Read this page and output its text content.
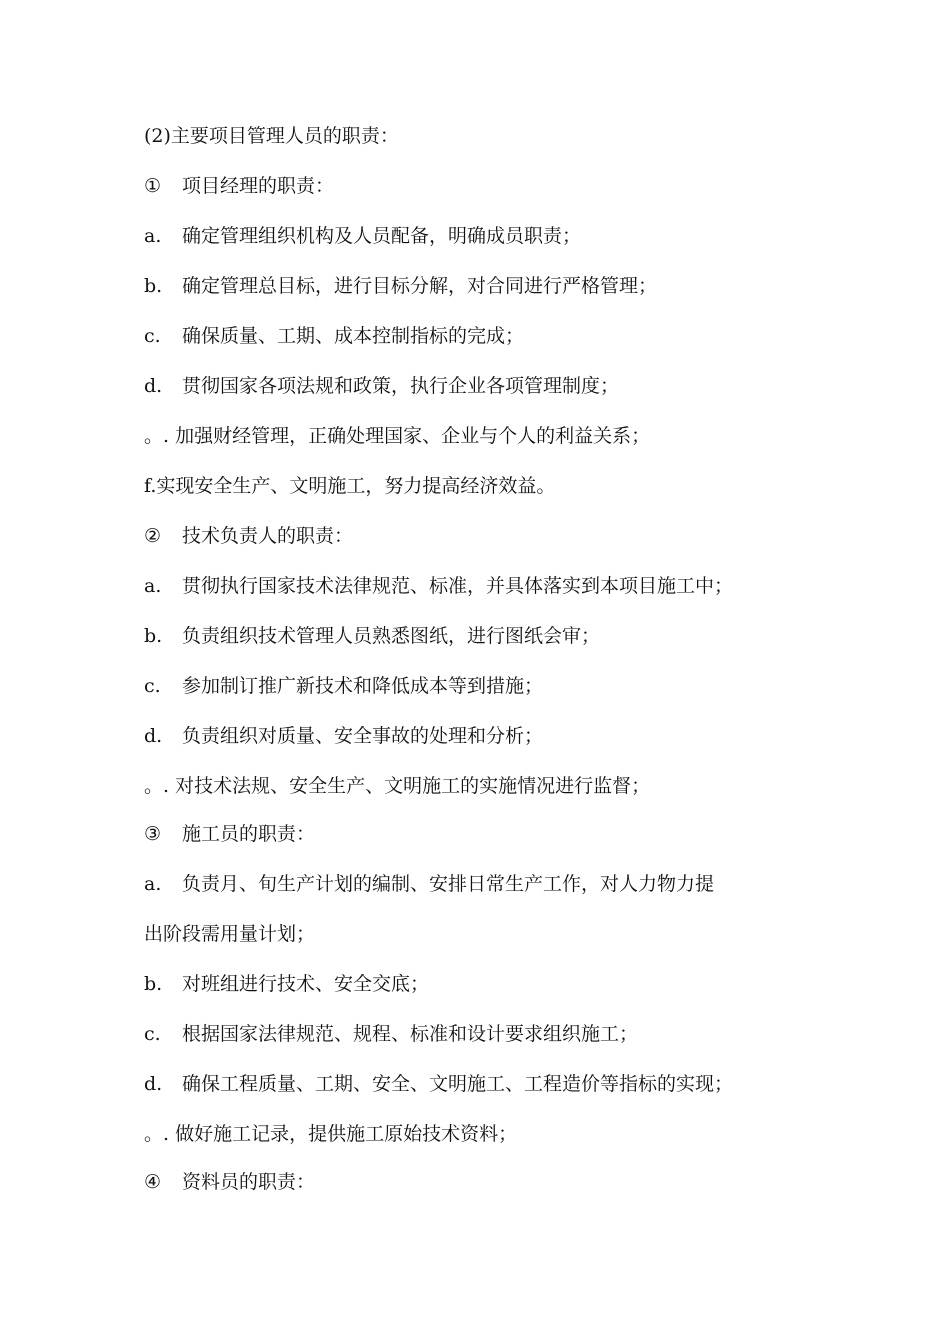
(2)主要项目管理人员的职责：
① 项目经理的职责：
a. 确定管理组织机构及人员配备，明确成员职责；
b. 确定管理总目标，进行目标分解，对合同进行严格管理；
c. 确保质量、工期、成本控制指标的完成；
d. 贯彻国家各项法规和政策，执行企业各项管理制度；
。. 加强财经管理，正确处理国家、企业与个人的利益关系；
f.实现安全生产、文明施工，努力提高经济效益。
② 技术负责人的职责：
a. 贯彻执行国家技术法律规范、标准，并具体落实到本项目施工中；
b. 负责组织技术管理人员熟悉图纸，进行图纸会审；
c. 参加制订推广新技术和降低成本等到措施；
d. 负责组织对质量、安全事故的处理和分析；
。. 对技术法规、安全生产、文明施工的实施情况进行监督；
③ 施工员的职责：
a. 负责月、旬生产计划的编制、安排日常生产工作，对人力物力提
出阶段需用量计划；
b. 对班组进行技术、安全交底；
c. 根据国家法律规范、规程、标准和设计要求组织施工；
d. 确保工程质量、工期、安全、文明施工、工程造价等指标的实现；
。. 做好施工记录，提供施工原始技术资料；
④ 资料员的职责：
